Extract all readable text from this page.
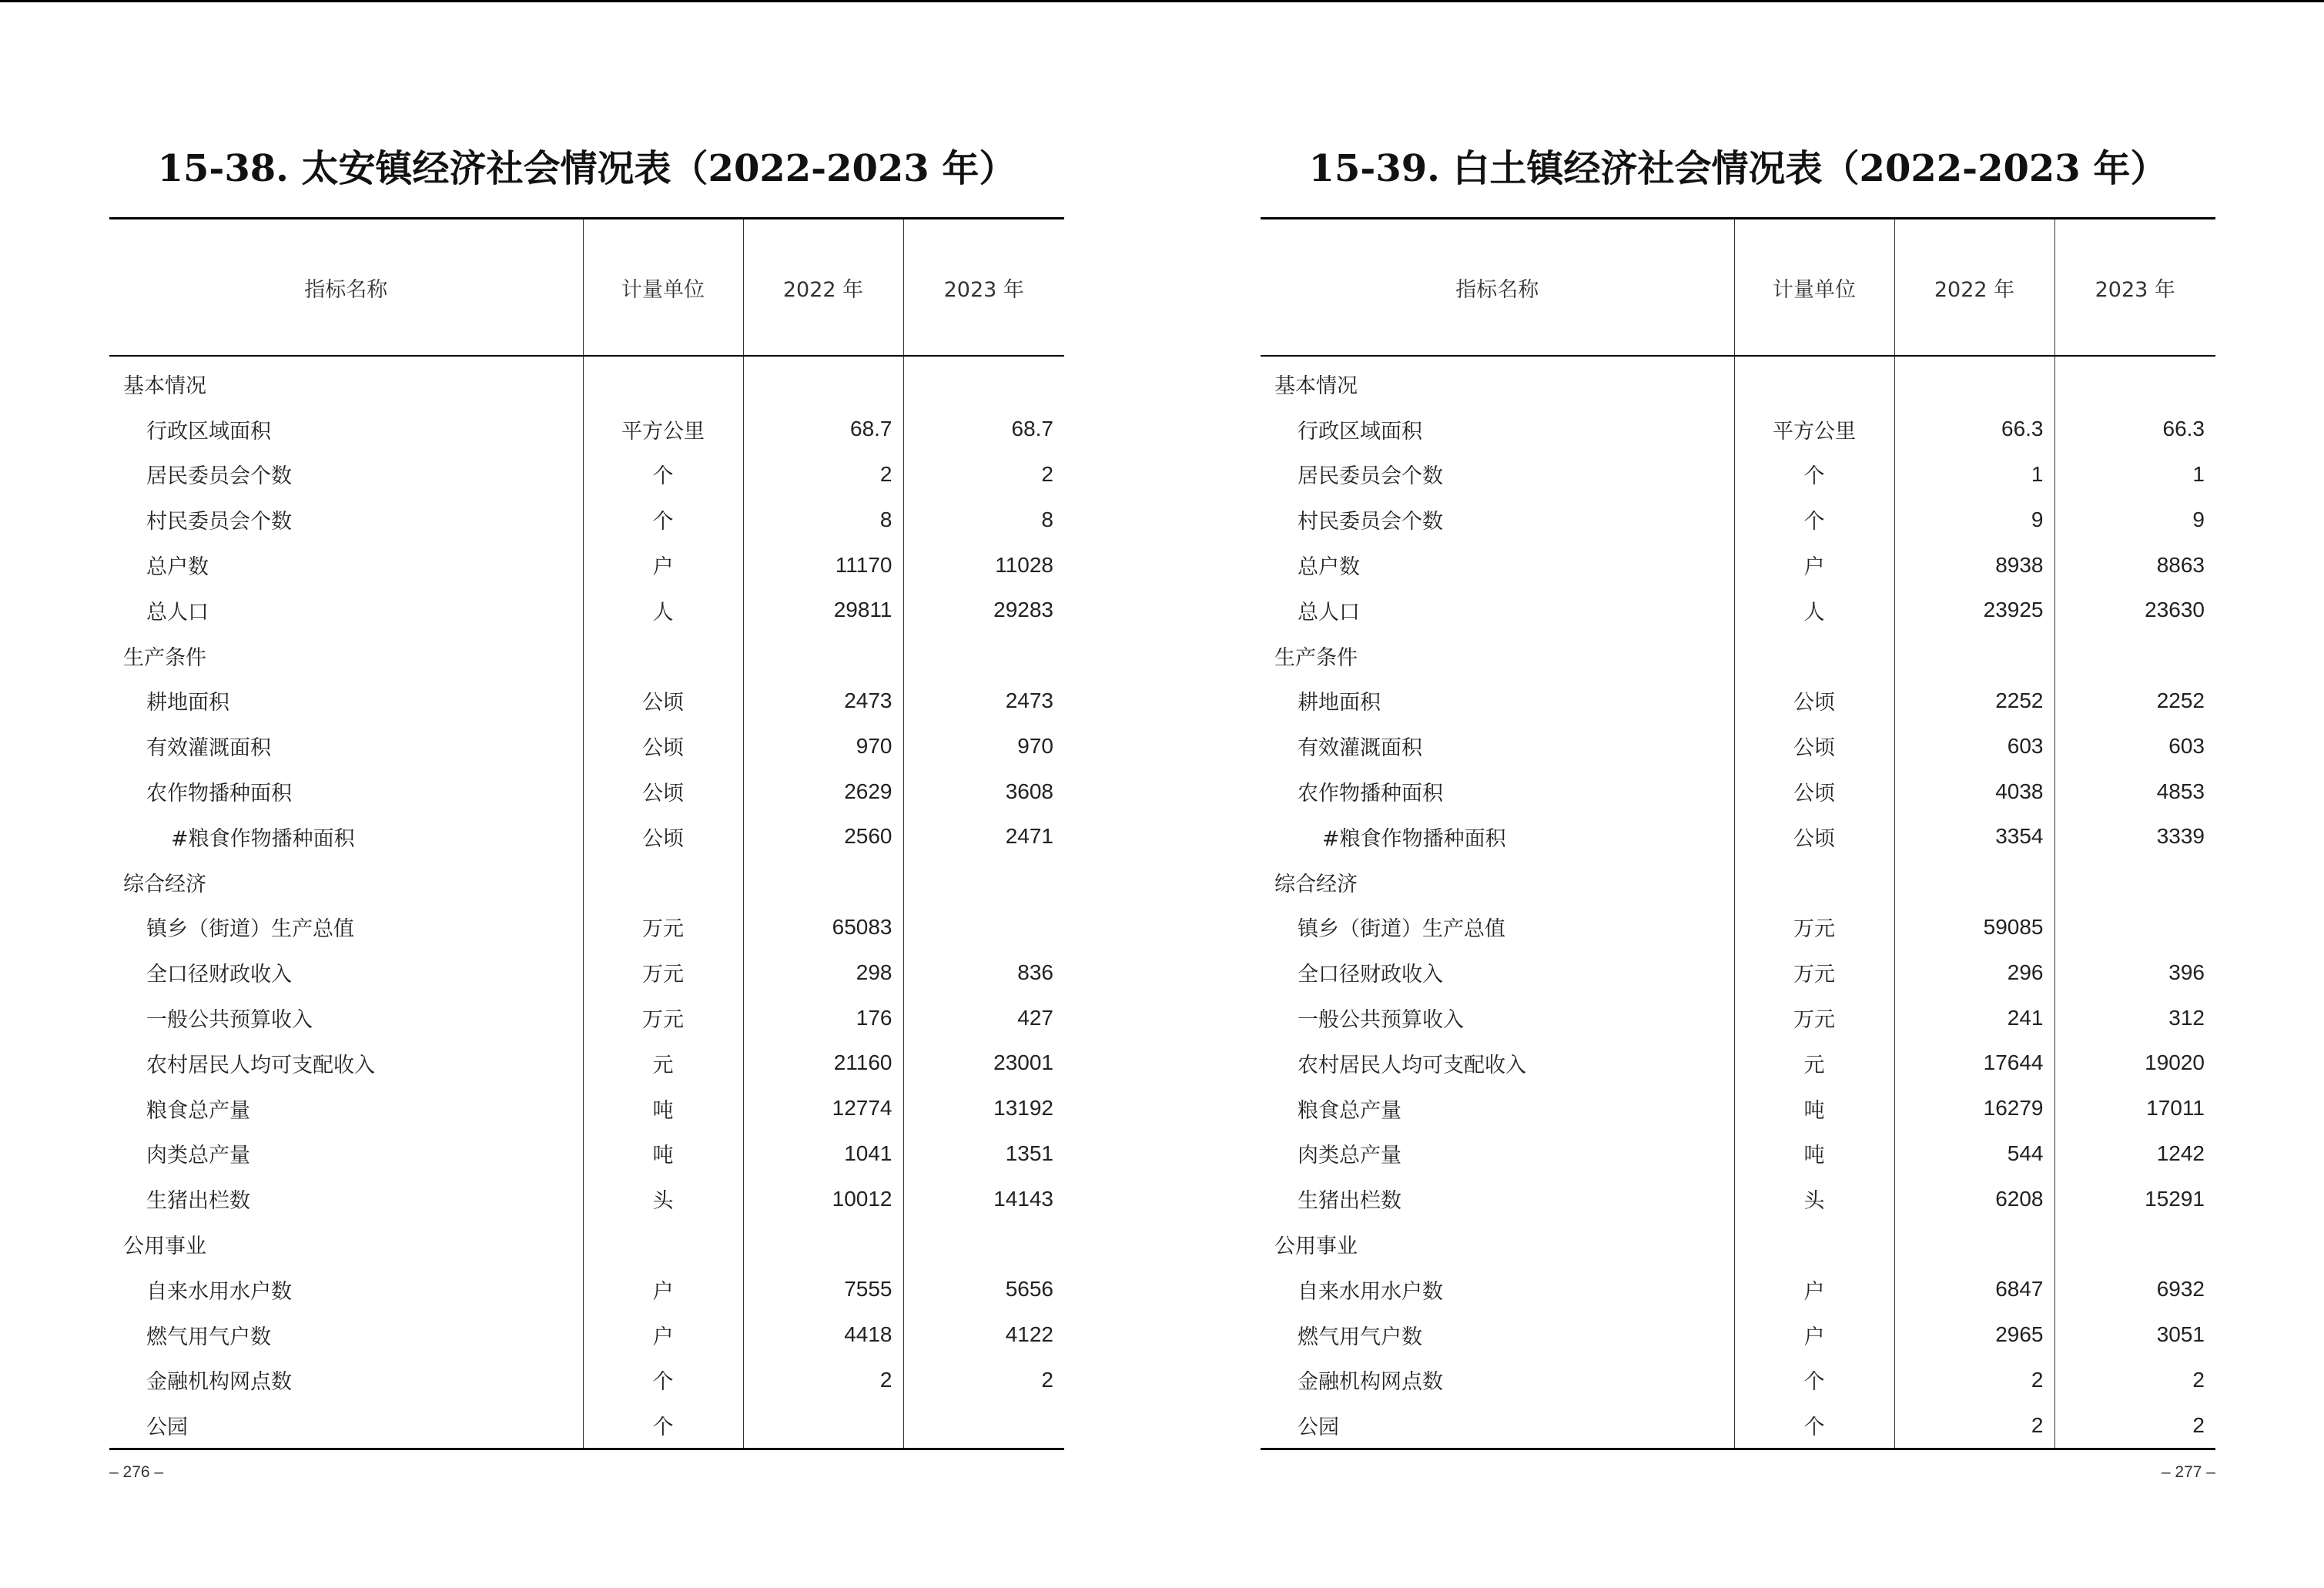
15-38. 太安镇经济社会情况表（2022-2023 年）
指标名称	计量单位	2022 年	2023 年
基本情况			
行政区域面积	平方公里	68.7	68.7
居民委员会个数	个	2	2
村民委员会个数	个	8	8
总户数	户	11170	11028
总人口	人	29811	29283
生产条件			
耕地面积	公顷	2473	2473
有效灌溉面积	公顷	970	970
农作物播种面积	公顷	2629	3608
#粮食作物播种面积	公顷	2560	2471
综合经济			
镇乡（街道）生产总值	万元	65083	
全口径财政收入	万元	298	836
一般公共预算收入	万元	176	427
农村居民人均可支配收入	元	21160	23001
粮食总产量	吨	12774	13192
肉类总产量	吨	1041	1351
生猪出栏数	头	10012	14143
公用事业			
自来水用水户数	户	7555	5656
燃气用气户数	户	4418	4122
金融机构网点数	个	2	2
公园	个		
– 276 –
15-39. 白土镇经济社会情况表（2022-2023 年）
指标名称	计量单位	2022 年	2023 年
基本情况			
行政区域面积	平方公里	66.3	66.3
居民委员会个数	个	1	1
村民委员会个数	个	9	9
总户数	户	8938	8863
总人口	人	23925	23630
生产条件			
耕地面积	公顷	2252	2252
有效灌溉面积	公顷	603	603
农作物播种面积	公顷	4038	4853
#粮食作物播种面积	公顷	3354	3339
综合经济			
镇乡（街道）生产总值	万元	59085	
全口径财政收入	万元	296	396
一般公共预算收入	万元	241	312
农村居民人均可支配收入	元	17644	19020
粮食总产量	吨	16279	17011
肉类总产量	吨	544	1242
生猪出栏数	头	6208	15291
公用事业			
自来水用水户数	户	6847	6932
燃气用气户数	户	2965	3051
金融机构网点数	个	2	2
公园	个	2	2
– 277 –
